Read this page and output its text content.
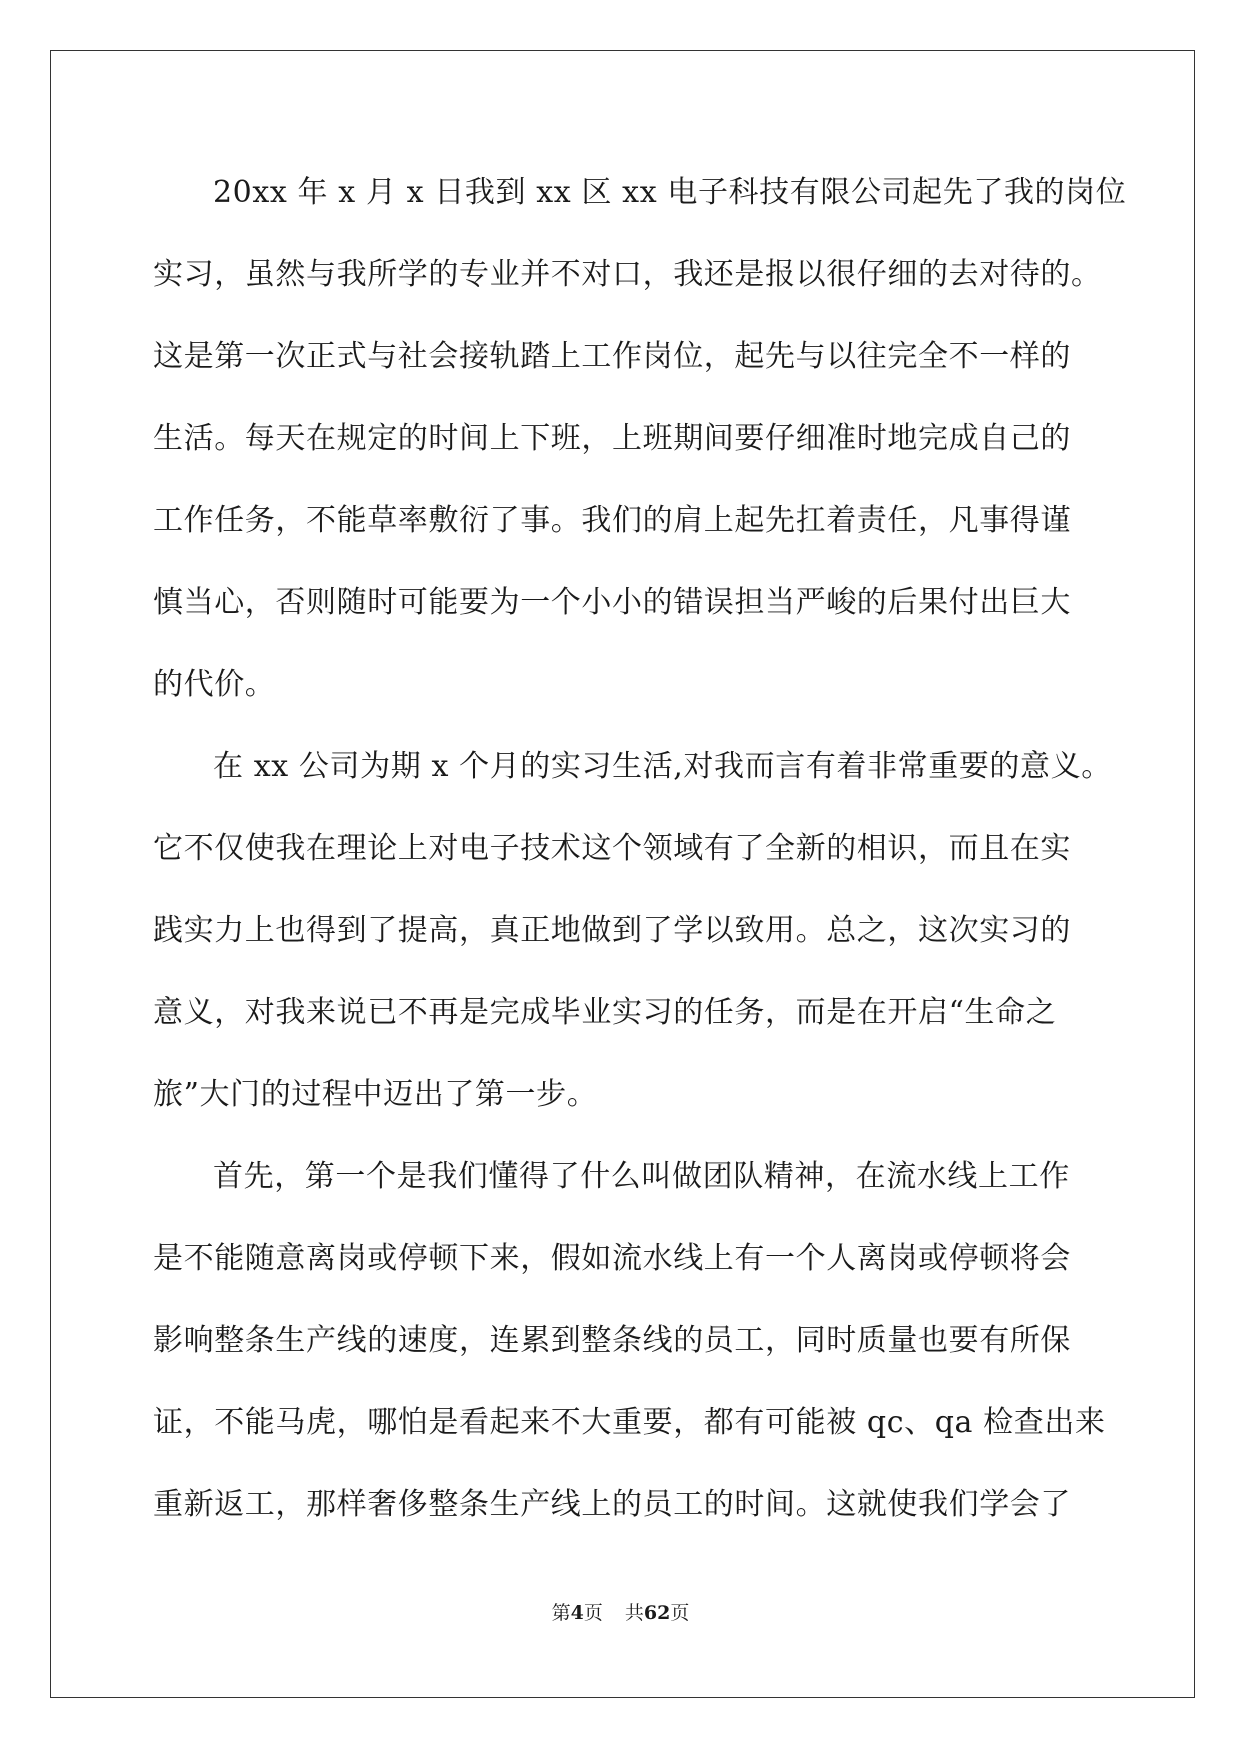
20xx 年 x 月 x 日我到 xx 区 xx 电子科技有限公司起先了我的岗位
实习，虽然与我所学的专业并不对口，我还是报以很仔细的去对待的。
这是第一次正式与社会接轨踏上工作岗位，起先与以往完全不一样的
生活。每天在规定的时间上下班，上班期间要仔细准时地完成自己的
工作任务，不能草率敷衍了事。我们的肩上起先扛着责任，凡事得谨
慎当心，否则随时可能要为一个小小的错误担当严峻的后果付出巨大
的代价。
在 xx 公司为期 x 个月的实习生活,对我而言有着非常重要的意义。
它不仅使我在理论上对电子技术这个领域有了全新的相识，而且在实
践实力上也得到了提高，真正地做到了学以致用。总之，这次实习的
意义，对我来说已不再是完成毕业实习的任务，而是在开启“生命之
旅”大门的过程中迈出了第一步。
首先，第一个是我们懂得了什么叫做团队精神，在流水线上工作
是不能随意离岗或停顿下来，假如流水线上有一个人离岗或停顿将会
影响整条生产线的速度，连累到整条线的员工，同时质量也要有所保
证，不能马虎，哪怕是看起来不大重要，都有可能被 qc、qa 检查出来
重新返工，那样奢侈整条生产线上的员工的时间。这就使我们学会了
第4页 共62页
